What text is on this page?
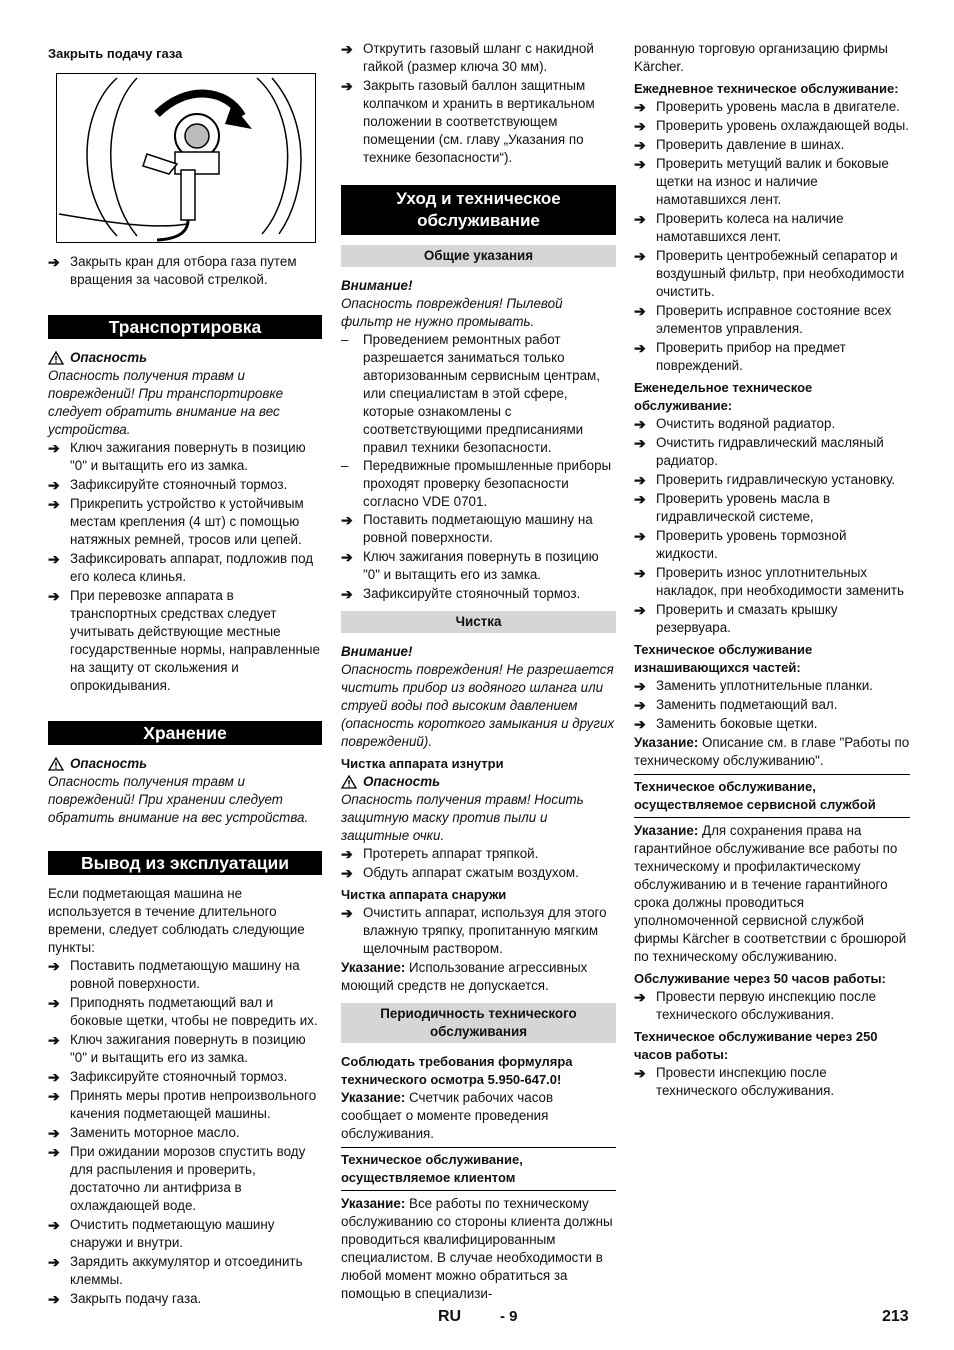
Закрыть подачу газа

➔ Закрыть кран для отбора газа путем вращения за часовой стрелкой.
Транспортировка
Опасность

Опасность получения травм и повреждений! При транспортировке следует обратить внимание на вес устройства.

➔ Ключ зажигания повернуть в позицию "0" и вытащить его из замка.
➔ Зафиксируйте стояночный тормоз.
➔ Прикрепить устройство к устойчивым местам крепления (4 шт) с помощью натяжных ремней, тросов или цепей.
➔ Зафиксировать аппарат, подложив под его колеса клинья.
➔ При перевозке аппарата в транспортных средствах следует учитывать действующие местные государственные нормы, направленные на защиту от скольжения и опрокидывания.
Хранение
Опасность

Опасность получения травм и повреждений! При хранении следует обратить внимание на вес устройства.

Вывод из эксплуатации

Если подметающая машина не используется в течение длительного времени, следует соблюдать следующие пункты:

➔ Поставить подметающую машину на ровной поверхности.
➔ Приподнять подметающий вал и боковые щетки, чтобы не повредить их.
➔ Ключ зажигания повернуть в позицию "0" и вытащить его из замка.
➔ Зафиксируйте стояночный тормоз.
➔ Принять меры против непроизвольного качения подметающей машины.
➔ Заменить моторное масло.
➔ При ожидании морозов спустить воду для распыления и проверить, достаточно ли антифриза в охлаждающей воде.
➔ Очистить подметающую машину снаружи и внутри.
➔ Зарядить аккумулятор и отсоединить клеммы.
➔ Закрыть подачу газа.
➔ Открутить газовый шланг с накидной гайкой (размер ключа 30 мм).
➔ Закрыть газовый баллон защитным колпачком и хранить в вертикальном положении в соответствующем помещении (см. главу „Указания по технике безопасности“).
Уход и техническое обслуживание
Общие указания

Внимание!

Опасность повреждения! Пылевой фильтр не нужно промывать.

–	Проведением ремонтных работ разрешается заниматься только авторизованным сервисным центрам, или специалистам в этой сфере, которые ознакомлены с соответствующими предписаниями правил техники безопасности.
–	Передвижные промышленные приборы проходят проверку безопасности согласно VDE 0701.
➔ Поставить подметающую машину на ровной поверхности.
➔ Ключ зажигания повернуть в позицию "0" и вытащить его из замка.
➔ Зафиксируйте стояночный тормоз.
Чистка

Внимание!

Опасность повреждения! Не разрешается чистить прибор из водяного шланга или струей воды под высоким давлением (опасность короткого замыкания и других повреждений).

Чистка аппарата изнутри

Опасность

Опасность получения травм! Носить защитную маску против пыли и защитные очки.

➔ Протереть аппарат тряпкой.
➔ Обдуть аппарат сжатым воздухом.

Чистка аппарата снаружи

➔ Очистить аппарат, используя для этого влажную тряпку, пропитанную мягким щелочным раствором.

Указание: Использование агрессивных моющий средств не допускается.

Периодичность технического обслуживания

Соблюдать требования формуляра технического осмотра 5.950-647.0!

Указание: Счетчик рабочих часов сообщает о моменте проведения обслуживания.

Техническое обслуживание, осуществляемое клиентом

Указание: Все работы по техническому обслуживанию со стороны клиента должны проводиться квалифицированным специалистом. В случае необходимости в любой момент можно обратиться за помощью в специализи-

рованную торговую организацию фирмы Kärcher.

Ежедневное техническое обслуживание:

➔ Проверить уровень масла в двигателе.
➔ Проверить уровень охлаждающей воды.
➔ Проверить давление в шинах.
➔ Проверить метущий валик и боковые щетки на износ и наличие намотавшихся лент.
➔ Проверить колеса на наличие намотавшихся лент.
➔ Проверить центробежный сепаратор и воздушный фильтр, при необходимости очистить.
➔ Проверить исправное состояние всех элементов управления.
➔ Проверить прибор на предмет повреждений.

Еженедельное техническое обслуживание:

➔ Очистить водяной радиатор.
➔ Очистить гидравлический масляный радиатор.
➔ Проверить гидравлическую установку.
➔ Проверить уровень масла в гидравлической системе,
➔ Проверить уровень тормозной жидкости.
➔ Проверить износ уплотнительных накладок, при необходимости заменить
➔ Проверить и смазать крышку резервуара.

Техническое обслуживание изнашивающихся частей:

➔ Заменить уплотнительные планки.
➔ Заменить подметающий вал.
➔ Заменить боковые щетки.

Указание: Описание см. в главе "Работы по техническому обслуживанию".

Техническое обслуживание, осуществляемое сервисной службой

Указание: Для сохранения права на гарантийное обслуживание все работы по техническому и профилактическому обслуживанию и в течение гарантийного срока должны проводиться уполномоченной сервисной службой фирмы Kärcher в соответствии с брошюрой по техническому обслуживанию.

Обслуживание через 50 часов работы:

➔ Провести первую инспекцию после технического обслуживания.

Техническое обслуживание через 250 часов работы:

➔ Провести инспекцию после технического обслуживания.
RU	- 9	213
